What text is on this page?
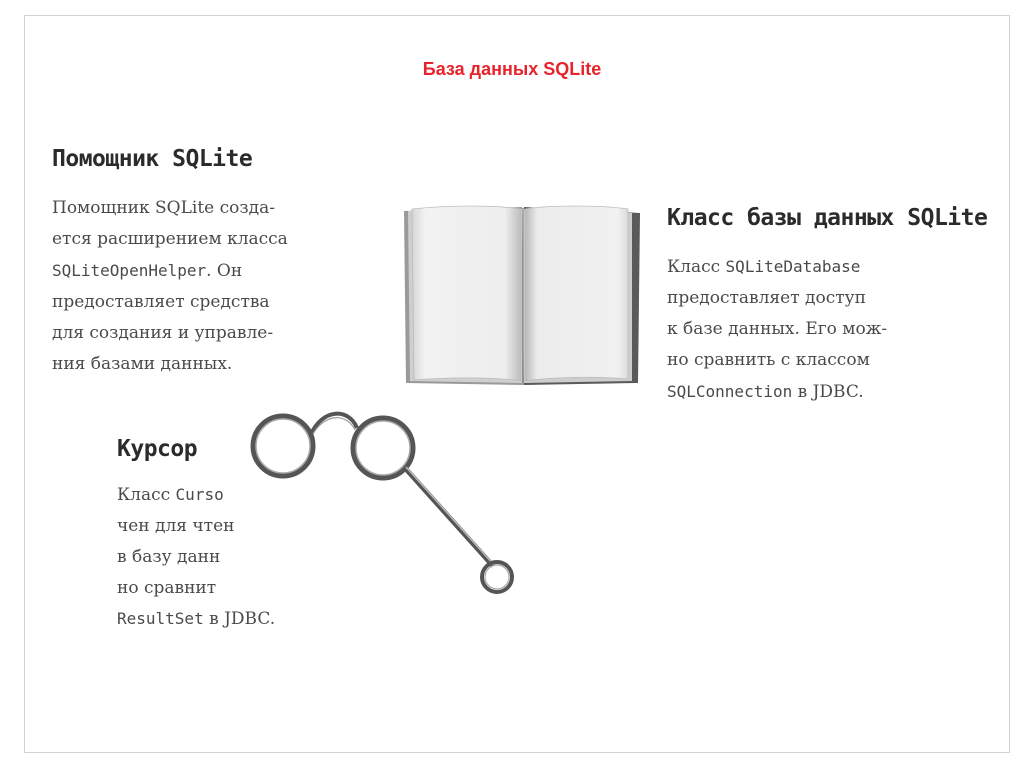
База данных SQLite
Помощник SQLite
Помощник SQLite созда-
ется расширением класса
SQLiteOpenHelper. Он
предоставляет средства
для создания и управле-
ния базами данных.
Класс базы данных SQLite
Класс SQLiteDatabase
предоставляет доступ
к базе данных. Его мож-
но сравнить с классом
SQLConnection в JDBC.
Курсор
Класс Curso
чен для чтен
в базу данн
но сравнит
ResultSet в JDBC.
